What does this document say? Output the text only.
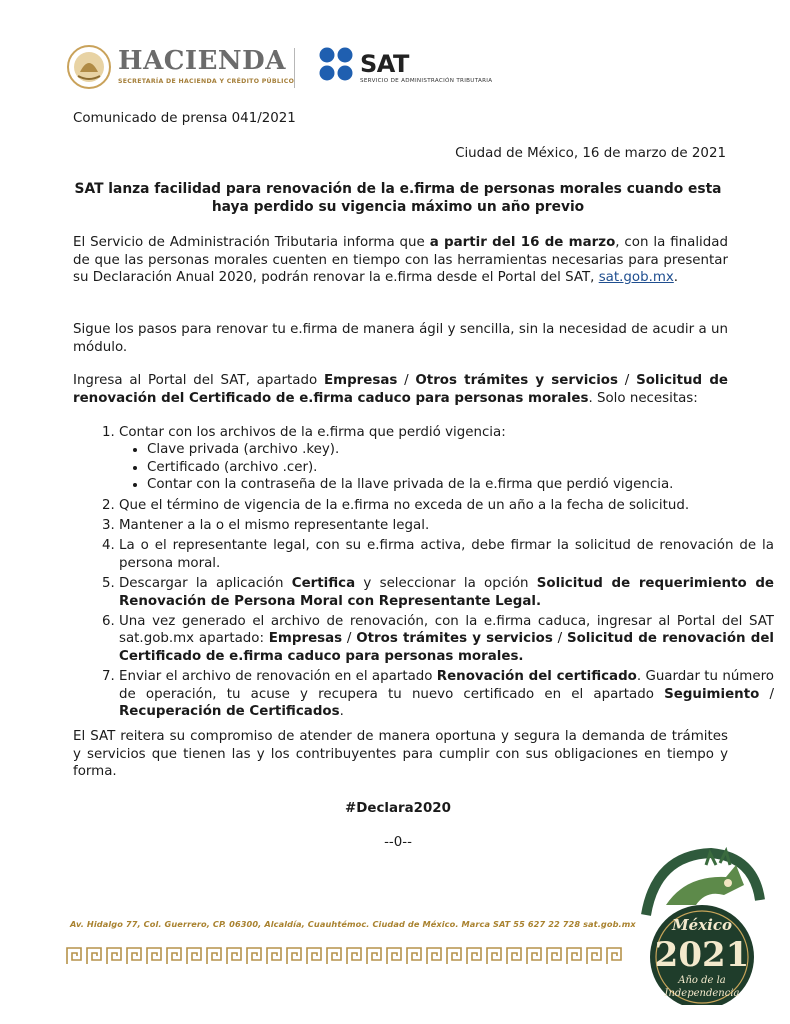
HACIENDA
SECRETARÍA DE HACIENDA Y CRÉDITO PÚBLICO
SAT
SERVICIO DE ADMINISTRACIÓN TRIBUTARIA
Comunicado de prensa 041/2021
Ciudad de México, 16 de marzo de 2021
SAT lanza facilidad para renovación de la e.firma de personas morales cuando esta
haya perdido su vigencia máximo un año previo
El Servicio de Administración Tributaria informa que a partir del 16 de marzo, con la finalidad de que las personas morales cuenten en tiempo con las herramientas necesarias para presentar su Declaración Anual 2020, podrán renovar la e.firma desde el Portal del SAT, sat.gob.mx.
Sigue los pasos para renovar tu e.firma de manera ágil y sencilla, sin la necesidad de acudir a un módulo.
Ingresa al Portal del SAT, apartado Empresas / Otros trámites y servicios / Solicitud de renovación del Certificado de e.firma caduco para personas morales. Solo necesitas:
1. Contar con los archivos de la e.firma que perdió vigencia:
• Clave privada (archivo .key).
• Certificado (archivo .cer).
• Contar con la contraseña de la llave privada de la e.firma que perdió vigencia.
2. Que el término de vigencia de la e.firma no exceda de un año a la fecha de solicitud.
3. Mantener a la o el mismo representante legal.
4. La o el representante legal, con su e.firma activa, debe firmar la solicitud de renovación de la persona moral.
5. Descargar la aplicación Certifica y seleccionar la opción Solicitud de requerimiento de Renovación de Persona Moral con Representante Legal.
6. Una vez generado el archivo de renovación, con la e.firma caduca, ingresar al Portal del SAT sat.gob.mx apartado: Empresas / Otros trámites y servicios / Solicitud de renovación del Certificado de e.firma caduco para personas morales.
7. Enviar el archivo de renovación en el apartado Renovación del certificado. Guardar tu número de operación, tu acuse y recupera tu nuevo certificado en el apartado Seguimiento / Recuperación de Certificados.
El SAT reitera su compromiso de atender de manera oportuna y segura la demanda de trámites y servicios que tienen las y los contribuyentes para cumplir con sus obligaciones en tiempo y forma.
#Declara2020
--0--
Av. Hidalgo 77, Col. Guerrero, CP. 06300, Alcaldía, Cuauhtémoc. Ciudad de México. Marca SAT 55 627 22 728 sat.gob.mx México
2021
Año de la
Independencia
